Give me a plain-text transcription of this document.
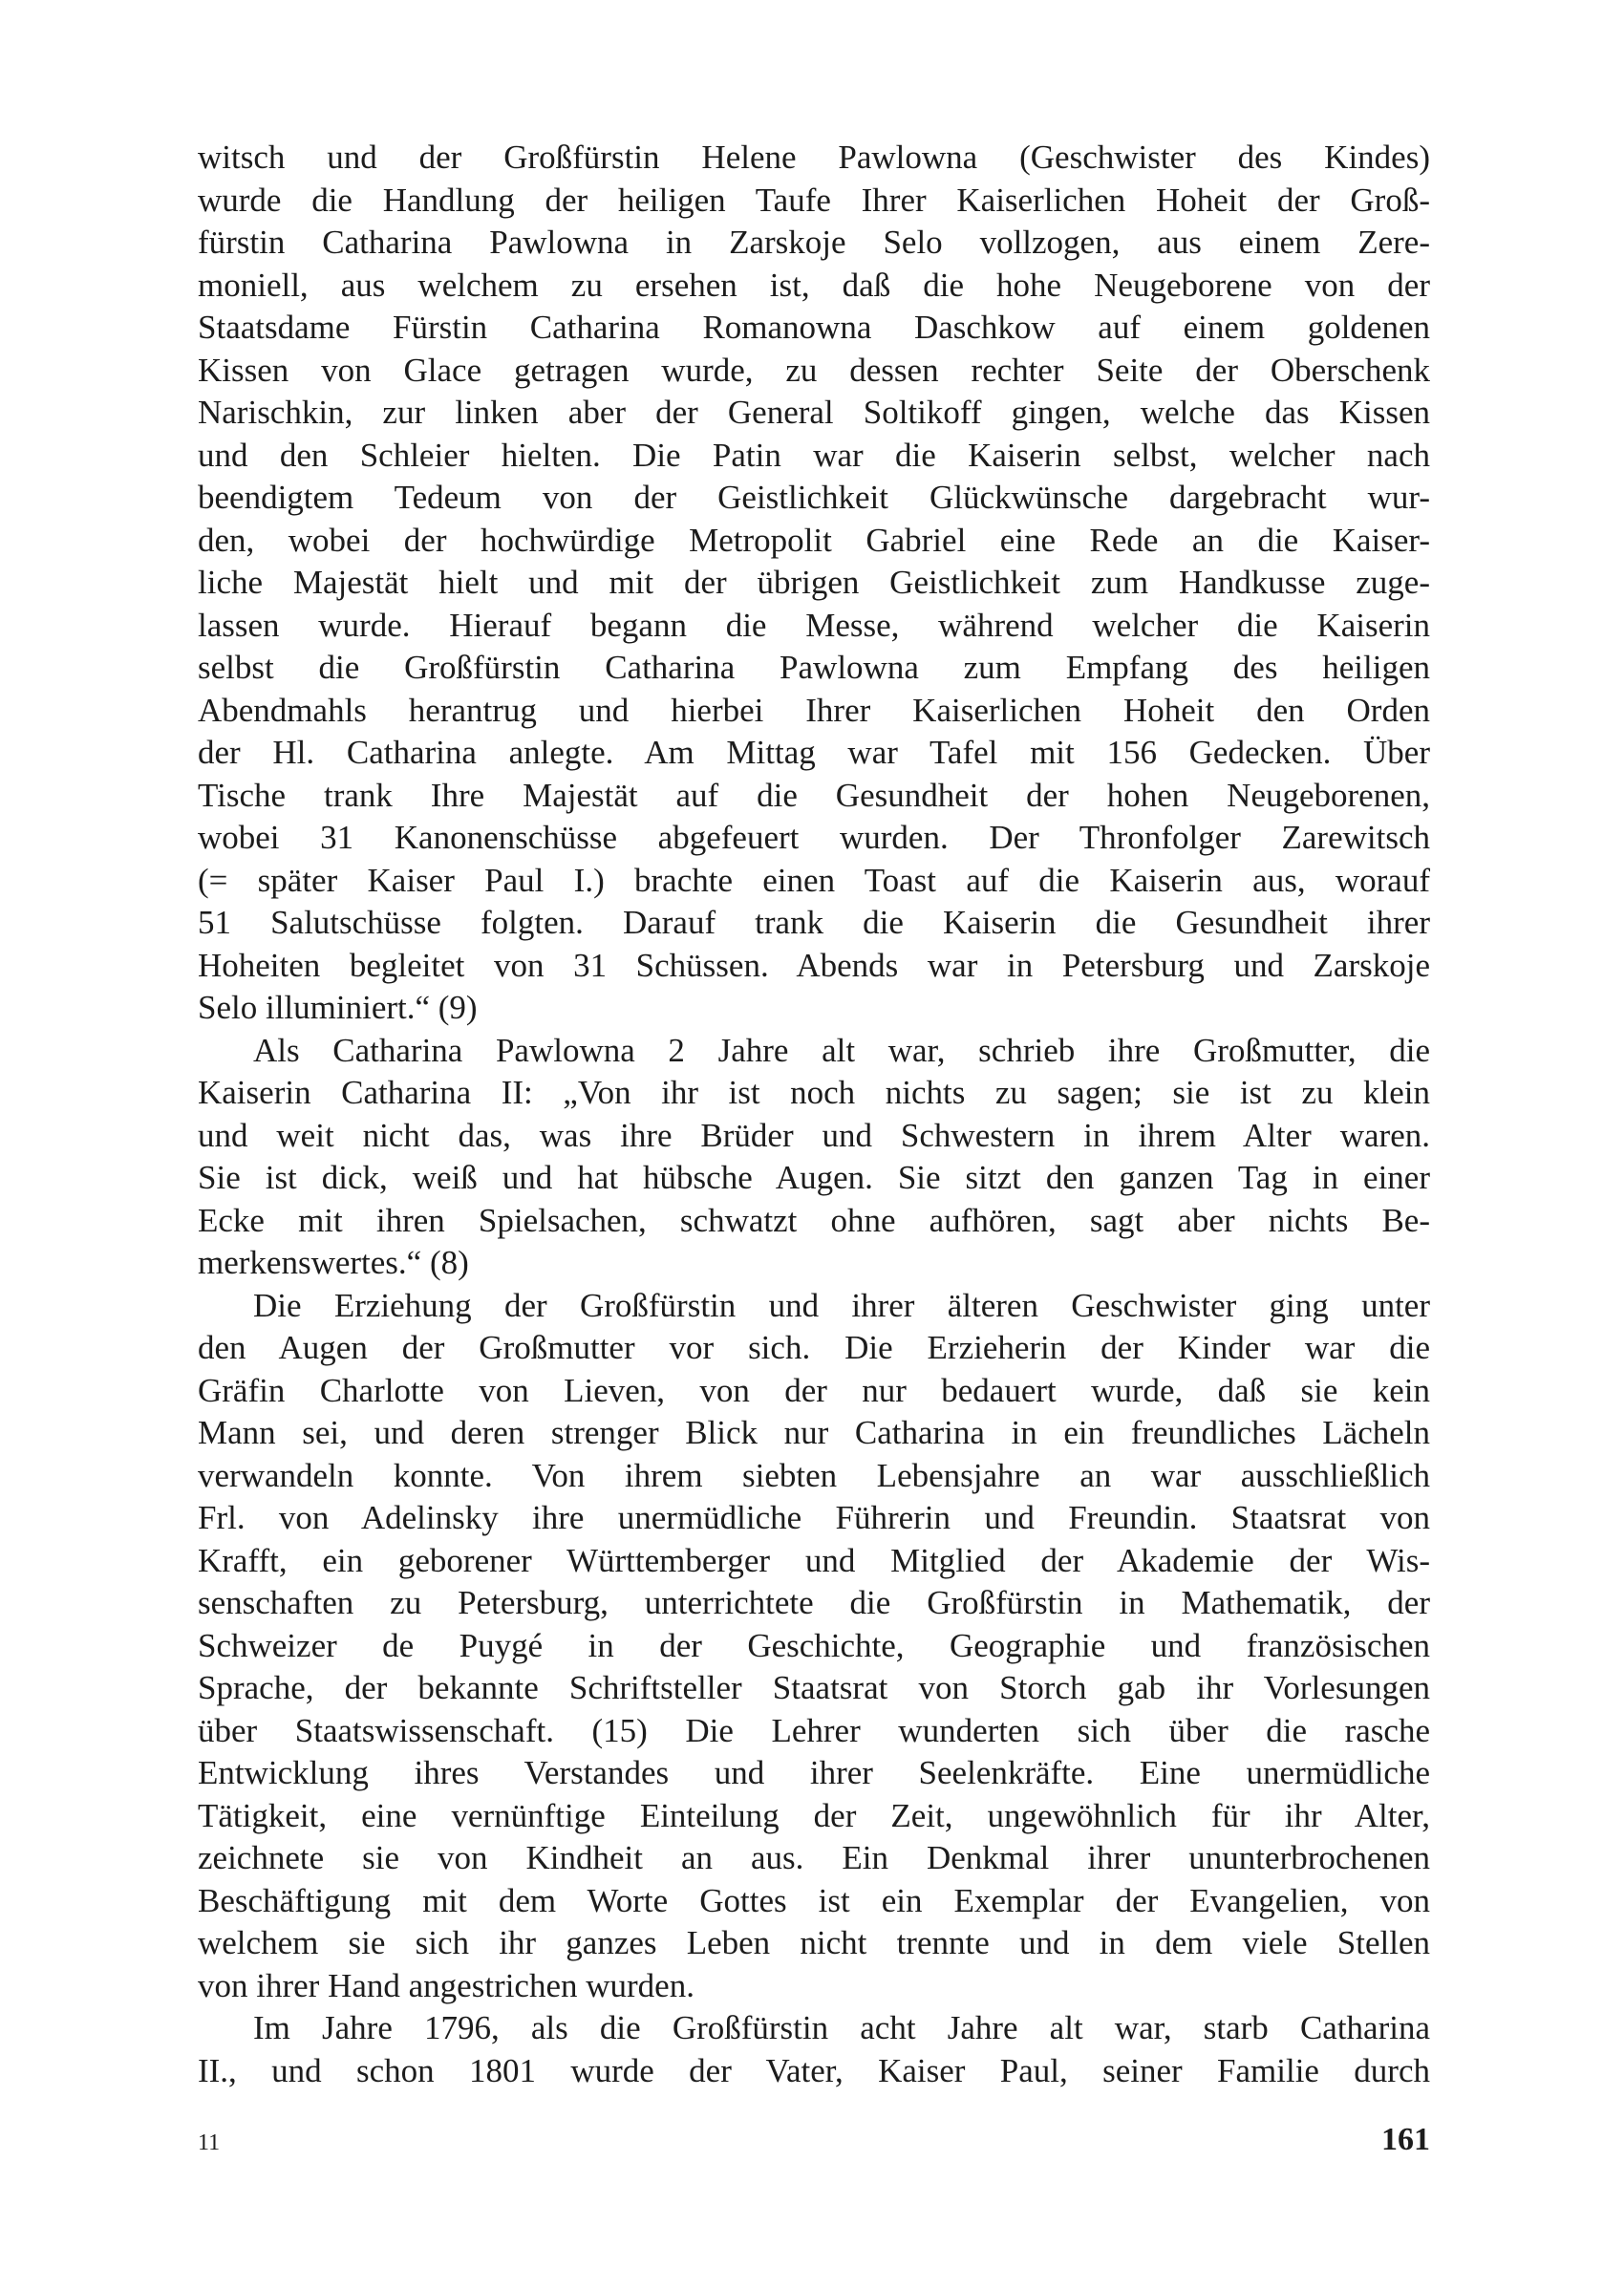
witsch und der Großfürstin Helene Pawlowna (Geschwister des Kindes)
wurde die Handlung der heiligen Taufe Ihrer Kaiserlichen Hoheit der Groß-
fürstin Catharina Pawlowna in Zarskoje Selo vollzogen, aus einem Zere-
moniell, aus welchem zu ersehen ist, daß die hohe Neugeborene von der
Staatsdame Fürstin Catharina Romanowna Daschkow auf einem goldenen
Kissen von Glace getragen wurde, zu dessen rechter Seite der Oberschenk
Narischkin, zur linken aber der General Soltikoff gingen, welche das Kissen
und den Schleier hielten. Die Patin war die Kaiserin selbst, welcher nach
beendigtem Tedeum von der Geistlichkeit Glückwünsche dargebracht wur-
den, wobei der hochwürdige Metropolit Gabriel eine Rede an die Kaiser-
liche Majestät hielt und mit der übrigen Geistlichkeit zum Handkusse zuge-
lassen wurde. Hierauf begann die Messe, während welcher die Kaiserin
selbst die Großfürstin Catharina Pawlowna zum Empfang des heiligen
Abendmahls herantrug und hierbei Ihrer Kaiserlichen Hoheit den Orden
der Hl. Catharina anlegte. Am Mittag war Tafel mit 156 Gedecken. Über
Tische trank Ihre Majestät auf die Gesundheit der hohen Neugeborenen,
wobei 31 Kanonenschüsse abgefeuert wurden. Der Thronfolger Zarewitsch
(= später Kaiser Paul I.) brachte einen Toast auf die Kaiserin aus, worauf
51 Salutschüsse folgten. Darauf trank die Kaiserin die Gesundheit ihrer
Hoheiten begleitet von 31 Schüssen. Abends war in Petersburg und Zarskoje
Selo illuminiert.“ (9)
Als Catharina Pawlowna 2 Jahre alt war, schrieb ihre Großmutter, die
Kaiserin Catharina II: „Von ihr ist noch nichts zu sagen; sie ist zu klein
und weit nicht das, was ihre Brüder und Schwestern in ihrem Alter waren.
Sie ist dick, weiß und hat hübsche Augen. Sie sitzt den ganzen Tag in einer
Ecke mit ihren Spielsachen, schwatzt ohne aufhören, sagt aber nichts Be-
merkenswertes.“ (8)
Die Erziehung der Großfürstin und ihrer älteren Geschwister ging unter
den Augen der Großmutter vor sich. Die Erzieherin der Kinder war die
Gräfin Charlotte von Lieven, von der nur bedauert wurde, daß sie kein
Mann sei, und deren strenger Blick nur Catharina in ein freundliches Lächeln
verwandeln konnte. Von ihrem siebten Lebensjahre an war ausschließlich
Frl. von Adelinsky ihre unermüdliche Führerin und Freundin. Staatsrat von
Krafft, ein geborener Württemberger und Mitglied der Akademie der Wis-
senschaften zu Petersburg, unterrichtete die Großfürstin in Mathematik, der
Schweizer de Puygé in der Geschichte, Geographie und französischen
Sprache, der bekannte Schriftsteller Staatsrat von Storch gab ihr Vorlesungen
über Staatswissenschaft. (15) Die Lehrer wunderten sich über die rasche
Entwicklung ihres Verstandes und ihrer Seelenkräfte. Eine unermüdliche
Tätigkeit, eine vernünftige Einteilung der Zeit, ungewöhnlich für ihr Alter,
zeichnete sie von Kindheit an aus. Ein Denkmal ihrer ununterbrochenen
Beschäftigung mit dem Worte Gottes ist ein Exemplar der Evangelien, von
welchem sie sich ihr ganzes Leben nicht trennte und in dem viele Stellen
von ihrer Hand angestrichen wurden.
Im Jahre 1796, als die Großfürstin acht Jahre alt war, starb Catharina
II., und schon 1801 wurde der Vater, Kaiser Paul, seiner Familie durch
11	161
